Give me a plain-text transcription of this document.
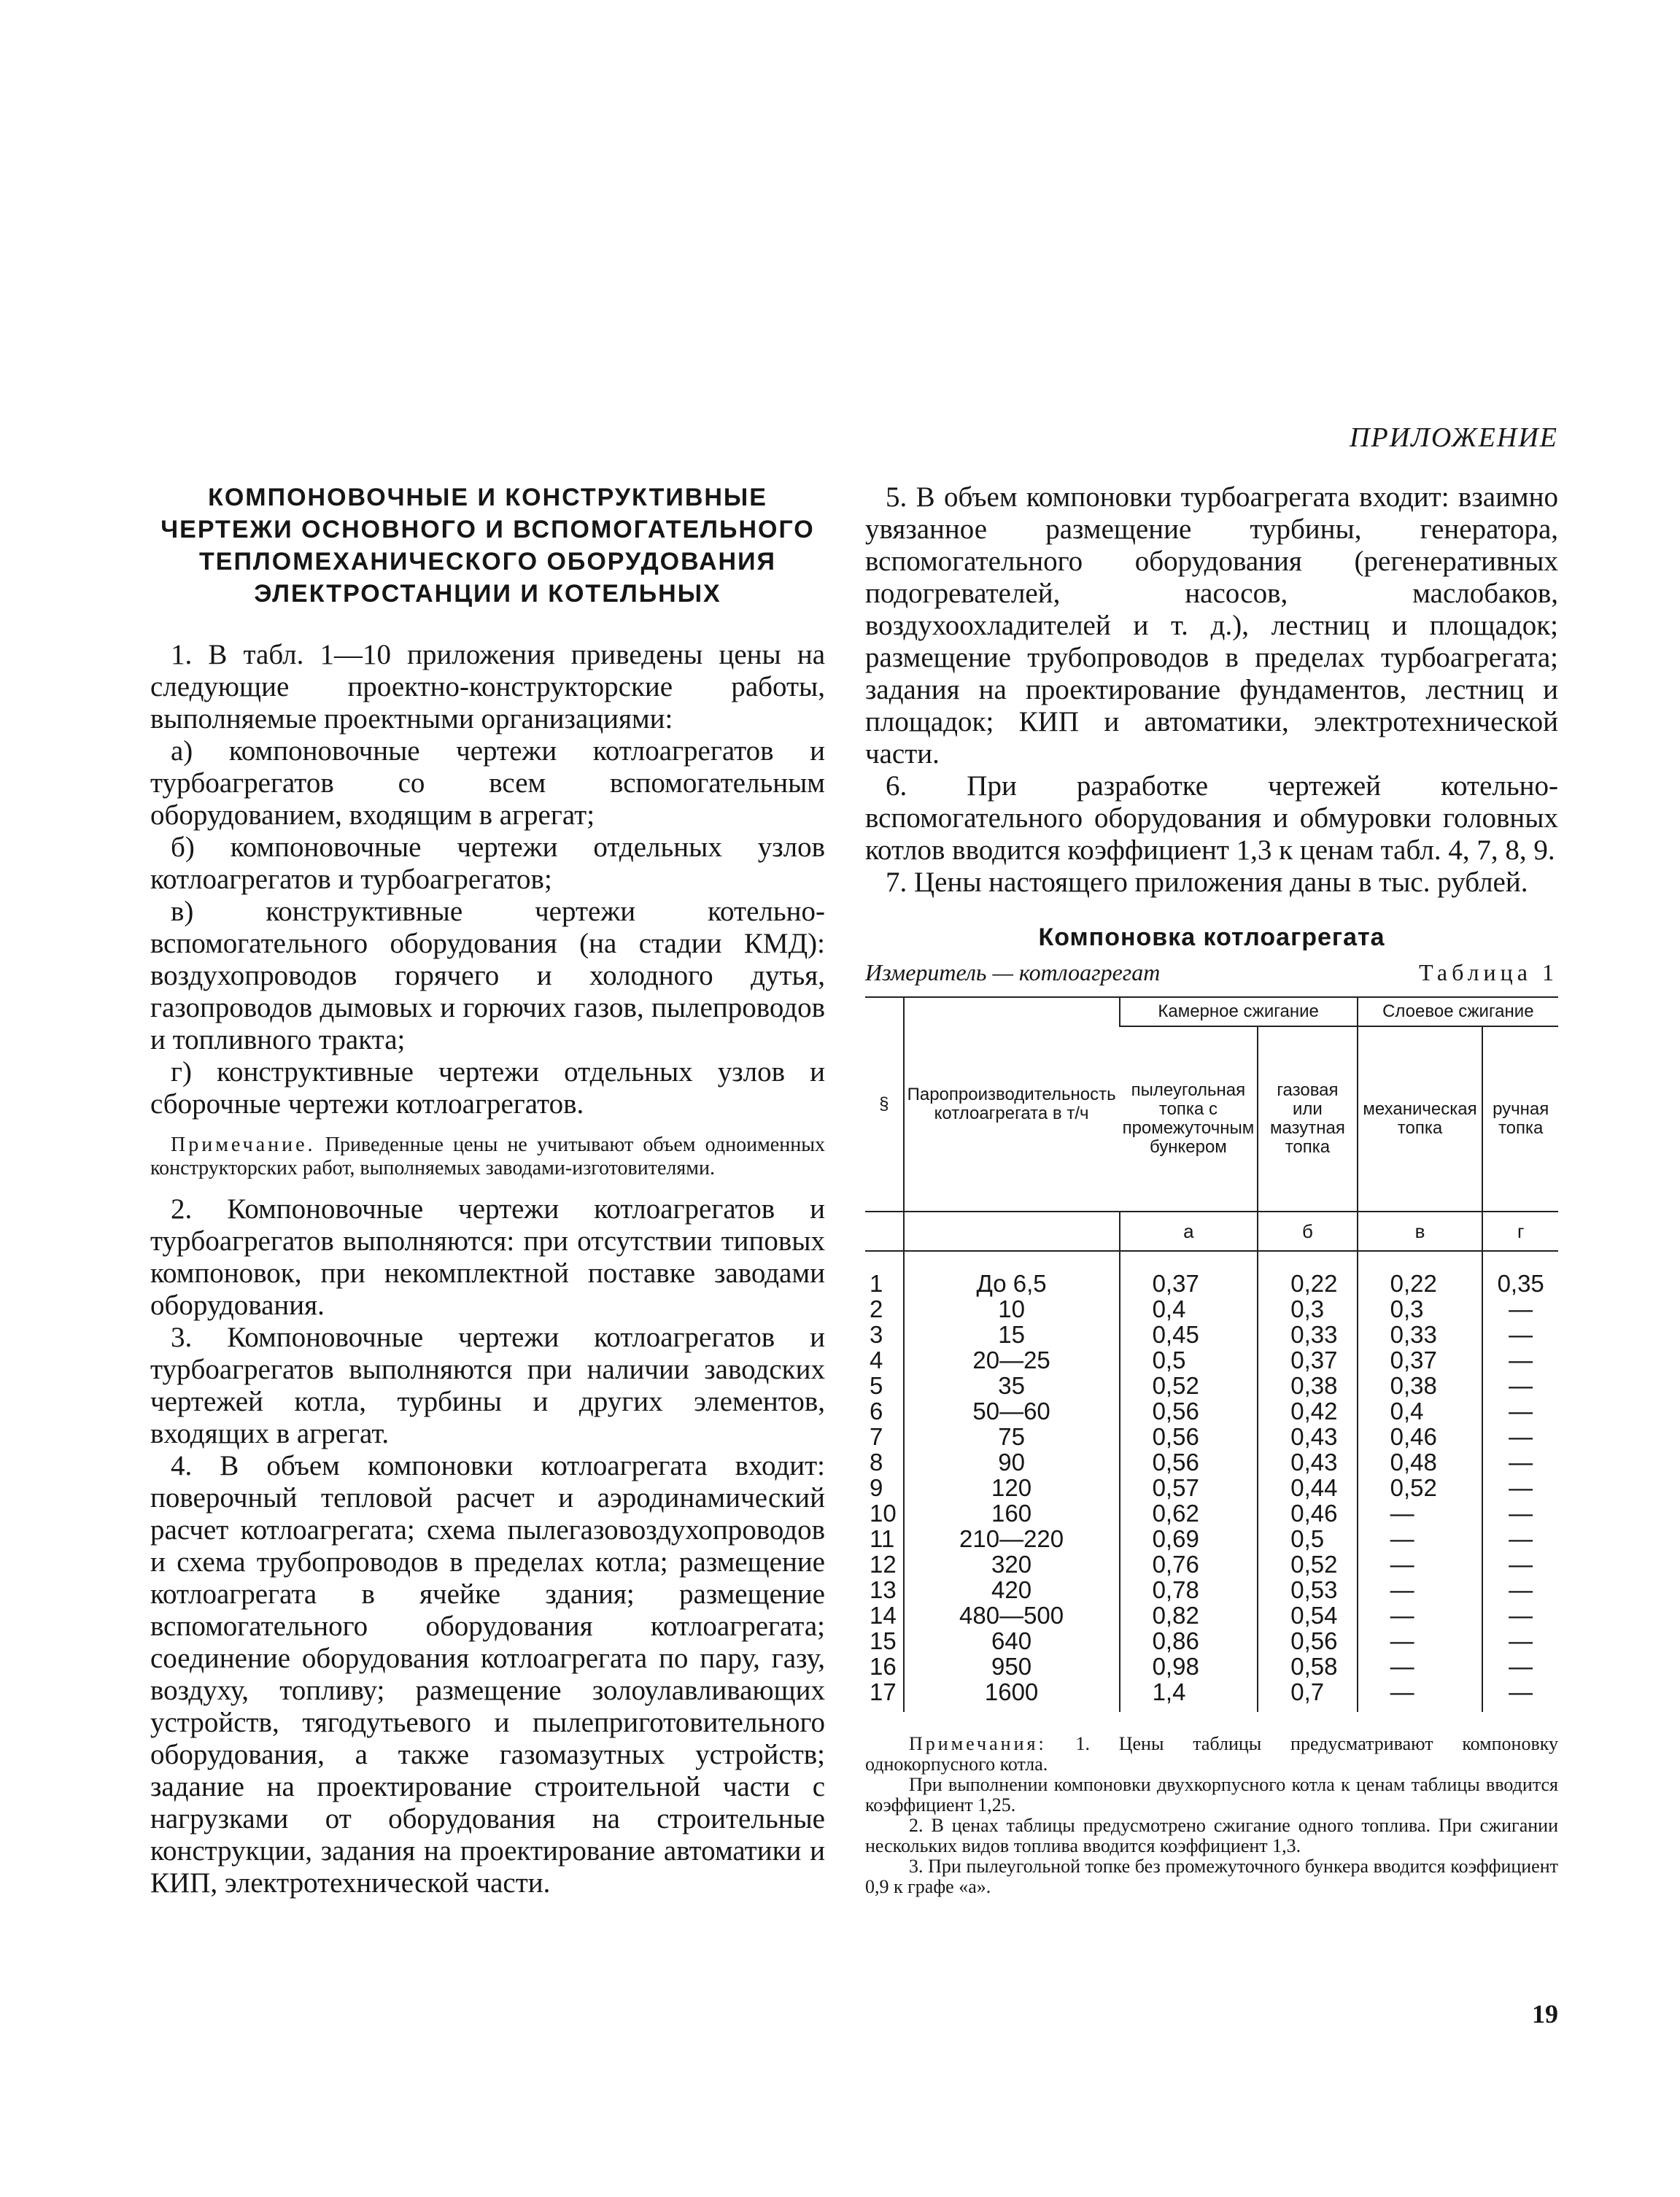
ПРИЛОЖЕНИЕ
КОМПОНОВОЧНЫЕ И КОНСТРУКТИВНЫЕ
ЧЕРТЕЖИ ОСНОВНОГО И ВСПОМОГАТЕЛЬНОГО
ТЕПЛОМЕХАНИЧЕСКОГО ОБОРУДОВАНИЯ
ЭЛЕКТРОСТАНЦИИ И КОТЕЛЬНЫХ

1. В табл. 1—10 приложения приведены цены на следующие проектно-конструкторские работы, выполняемые проектными организациями:

а) компоновочные чертежи котлоагрегатов и турбоагрегатов со всем вспомогательным оборудованием, входящим в агрегат;

б) компоновочные чертежи отдельных узлов котлоагрегатов и турбоагрегатов;

в) конструктивные чертежи котельно-вспомогательного оборудования (на стадии КМД): воздухопроводов горячего и холодного дутья, газопроводов дымовых и горючих газов, пылепроводов и топливного тракта;

г) конструктивные чертежи отдельных узлов и сборочные чертежи котлоагрегатов.

Примечание. Приведенные цены не учитывают объем одноименных конструкторских работ, выполняемых заводами-изготовителями.

2. Компоновочные чертежи котлоагрегатов и турбоагрегатов выполняются: при отсутствии типовых компоновок, при некомплектной поставке заводами оборудования.

3. Компоновочные чертежи котлоагрегатов и турбоагрегатов выполняются при наличии заводских чертежей котла, турбины и других элементов, входящих в агрегат.

4. В объем компоновки котлоагрегата входит: поверочный тепловой расчет и аэродинамический расчет котлоагрегата; схема пылегазовоздухопроводов и схема трубопроводов в пределах котла; размещение котлоагрегата в ячейке здания; размещение вспомогательного оборудования котлоагрегата; соединение оборудования котлоагрегата по пару, газу, воздуху, топливу; размещение золоулавливающих устройств, тягодутьевого и пылеприготовительного оборудования, а также газомазутных устройств; задание на проектирование строительной части с нагрузками от оборудования на строительные конструкции, задания на проектирование автоматики и КИП, электротехнической части.

5. В объем компоновки турбоагрегата входит: взаимно увязанное размещение турбины, генератора, вспомогательного оборудования (регенеративных подогревателей, насосов, маслобаков, воздухоохладителей и т. д.), лестниц и площадок; размещение трубопроводов в пределах турбоагрегата; задания на проектирование фундаментов, лестниц и площадок; КИП и автоматики, электротехнической части.

6. При разработке чертежей котельно-вспомогательного оборудования и обмуровки головных котлов вводится коэффициент 1,3 к ценам табл. 4, 7, 8, 9.

7. Цены настоящего приложения даны в тыс. рублей.

Компоновка котлоагрегата
Измеритель — котлоагрегат	Таблица 1
§	Паропроизводительность котлоагрегата в т/ч	Камерное сжигание		Слоевое сжигание	
		пылеугольная топка с промежуточным бункером	газовая или мазутная топка	механическая топка	ручная топка
		а	б	в	г
1	До 6,5	0,37	0,22	0,22	0,35
2	10	0,4	0,3	0,3	—
3	15	0,45	0,33	0,33	—
4	20—25	0,5	0,37	0,37	—
5	35	0,52	0,38	0,38	—
6	50—60	0,56	0,42	0,4	—
7	75	0,56	0,43	0,46	—
8	90	0,56	0,43	0,48	—
9	120	0,57	0,44	0,52	—
10	160	0,62	0,46	—	—
11	210—220	0,69	0,5	—	—
12	320	0,76	0,52	—	—
13	420	0,78	0,53	—	—
14	480—500	0,82	0,54	—	—
15	640	0,86	0,56	—	—
16	950	0,98	0,58	—	—
17	1600	1,4	0,7	—	—

Примечания: 1. Цены таблицы предусматривают компоновку однокорпусного котла.

При выполнении компоновки двухкорпусного котла к ценам таблицы вводится коэффициент 1,25.

2. В ценах таблицы предусмотрено сжигание одного топлива. При сжигании нескольких видов топлива вводится коэффициент 1,3.

3. При пылеугольной топке без промежуточного бункера вводится коэффициент 0,9 к графе «а».

19
